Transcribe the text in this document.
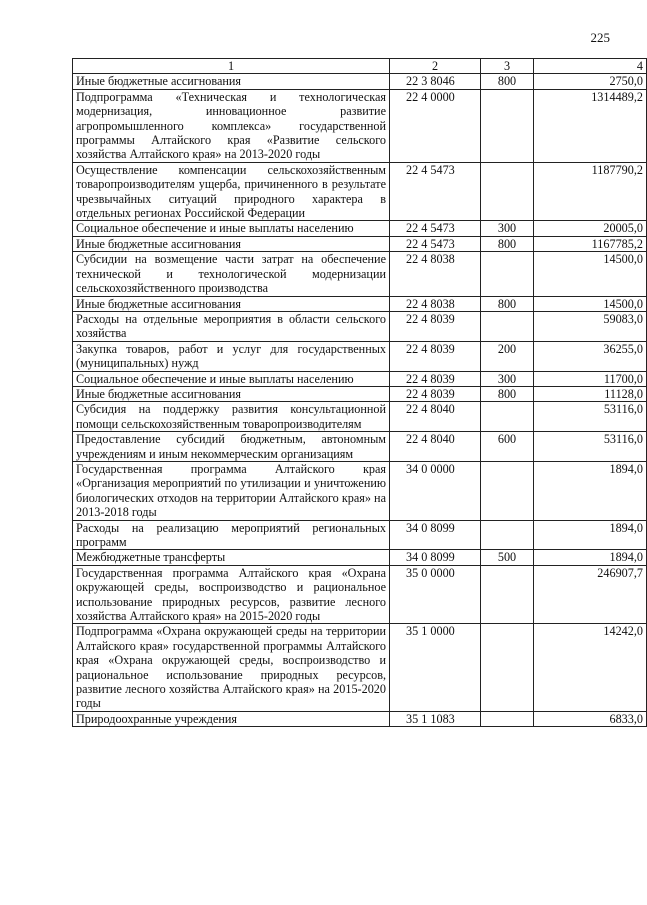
225
1	2	3	4
Иные бюджетные ассигнования	22 3 8046	800	2750,0
Подпрограмма «Техническая и технологическая модернизация, инновационное развитие агропромышленного комплекса» государственной программы Алтайского края «Развитие сельского хозяйства Алтайского края» на 2013-2020 годы	22 4 0000		1314489,2
Осуществление компенсации сельскохозяйственным товаропроизводителям ущерба, причиненного в результате чрезвычайных ситуаций природного характера в отдельных регионах Российской Федерации	22 4 5473		1187790,2
Социальное обеспечение и иные выплаты населению	22 4 5473	300	20005,0
Иные бюджетные ассигнования	22 4 5473	800	1167785,2
Субсидии на возмещение части затрат на обеспечение технической и технологической модернизации сельскохозяйственного производства	22 4 8038		14500,0
Иные бюджетные ассигнования	22 4 8038	800	14500,0
Расходы на отдельные мероприятия в области сельского хозяйства	22 4 8039		59083,0
Закупка товаров, работ и услуг для государственных (муниципальных) нужд	22 4 8039	200	36255,0
Социальное обеспечение и иные выплаты населению	22 4 8039	300	11700,0
Иные бюджетные ассигнования	22 4 8039	800	11128,0
Субсидия на поддержку развития консультационной помощи сельскохозяйственным товаропроизводителям	22 4 8040		53116,0
Предоставление субсидий бюджетным, автономным учреждениям и иным некоммерческим организациям	22 4 8040	600	53116,0
Государственная программа Алтайского края «Организация мероприятий по утилизации и уничтожению биологических отходов на территории Алтайского края» на 2013-2018 годы	34 0 0000		1894,0
Расходы на реализацию мероприятий региональных программ	34 0 8099		1894,0
Межбюджетные трансферты	34 0 8099	500	1894,0
Государственная программа Алтайского края «Охрана окружающей среды, воспроизводство и рациональное использование природных ресурсов, развитие лесного хозяйства Алтайского края» на 2015-2020 годы	35 0 0000		246907,7
Подпрограмма «Охрана окружающей среды на территории Алтайского края» государственной программы Алтайского края «Охрана окружающей среды, воспроизводство и рациональное использование природных ресурсов, развитие лесного хозяйства Алтайского края» на 2015-2020 годы	35 1 0000		14242,0
Природоохранные учреждения	35 1 1083		6833,0
